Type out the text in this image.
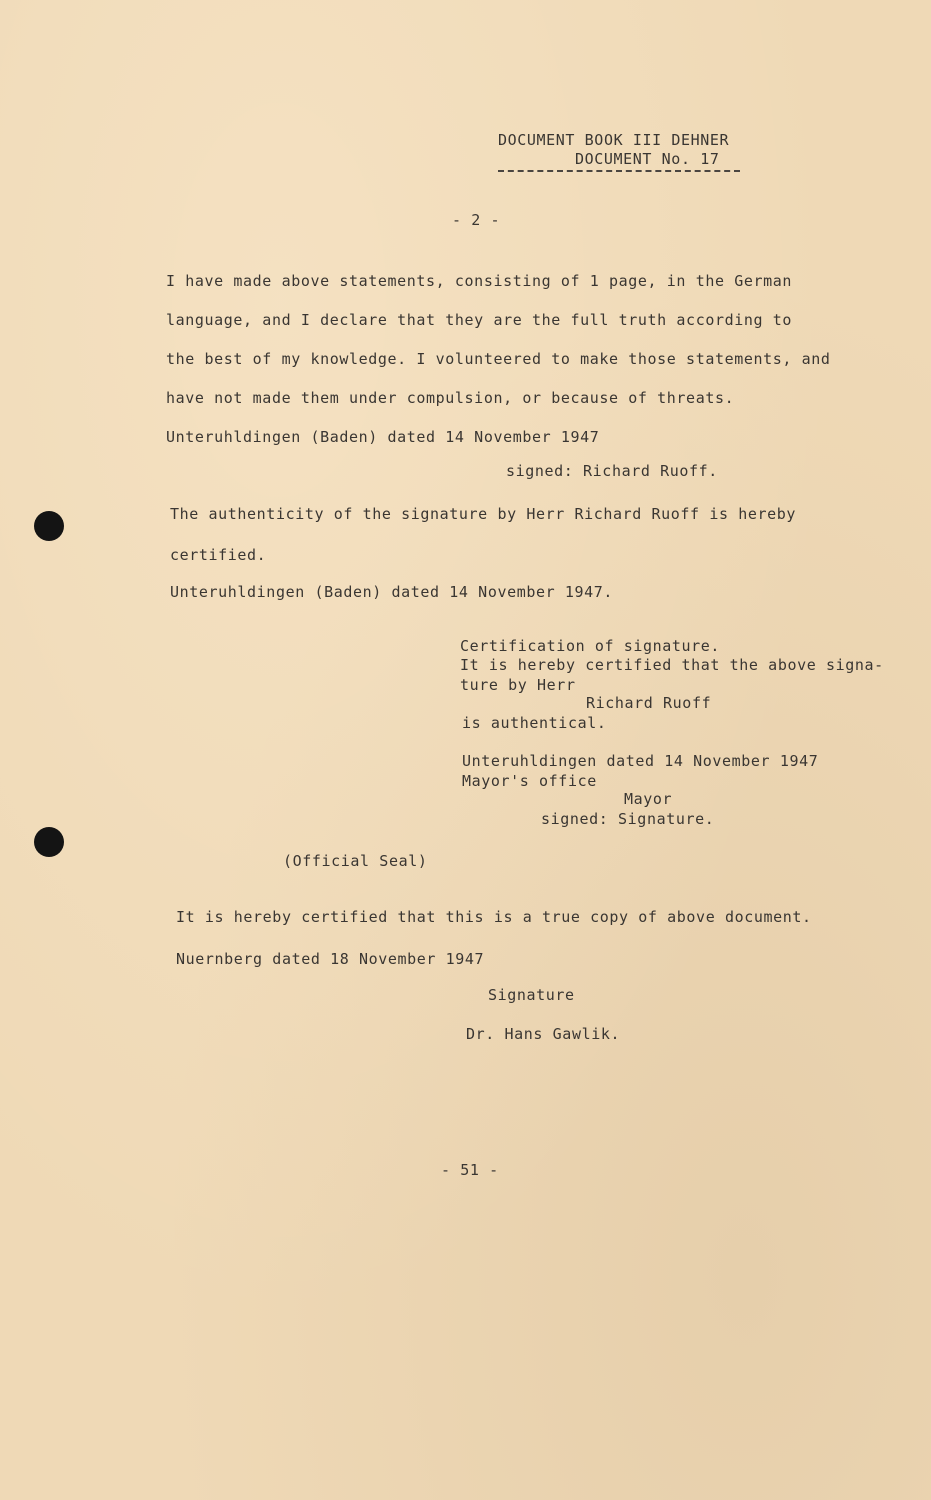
DOCUMENT BOOK III DEHNER
DOCUMENT No. 17
- 2 -
I have made above statements, consisting of 1 page, in the German
language, and I declare that they are the full truth according to
the best of my knowledge. I volunteered to make those statements, and
have not made them under compulsion, or because of threats.
Unteruhldingen (Baden) dated 14 November 1947
signed: Richard Ruoff.
The authenticity of the signature by Herr Richard Ruoff is hereby
certified.
Unteruhldingen (Baden) dated 14 November 1947.
Certification of signature.
It is hereby certified that the above signa-
ture by Herr
Richard Ruoff
is authentical.
Unteruhldingen dated 14 November 1947
Mayor's office
Mayor
signed: Signature.
(Official Seal)
It is hereby certified that this is a true copy of above document.
Nuernberg dated 18 November 1947
Signature
Dr. Hans Gawlik.
- 51 -
